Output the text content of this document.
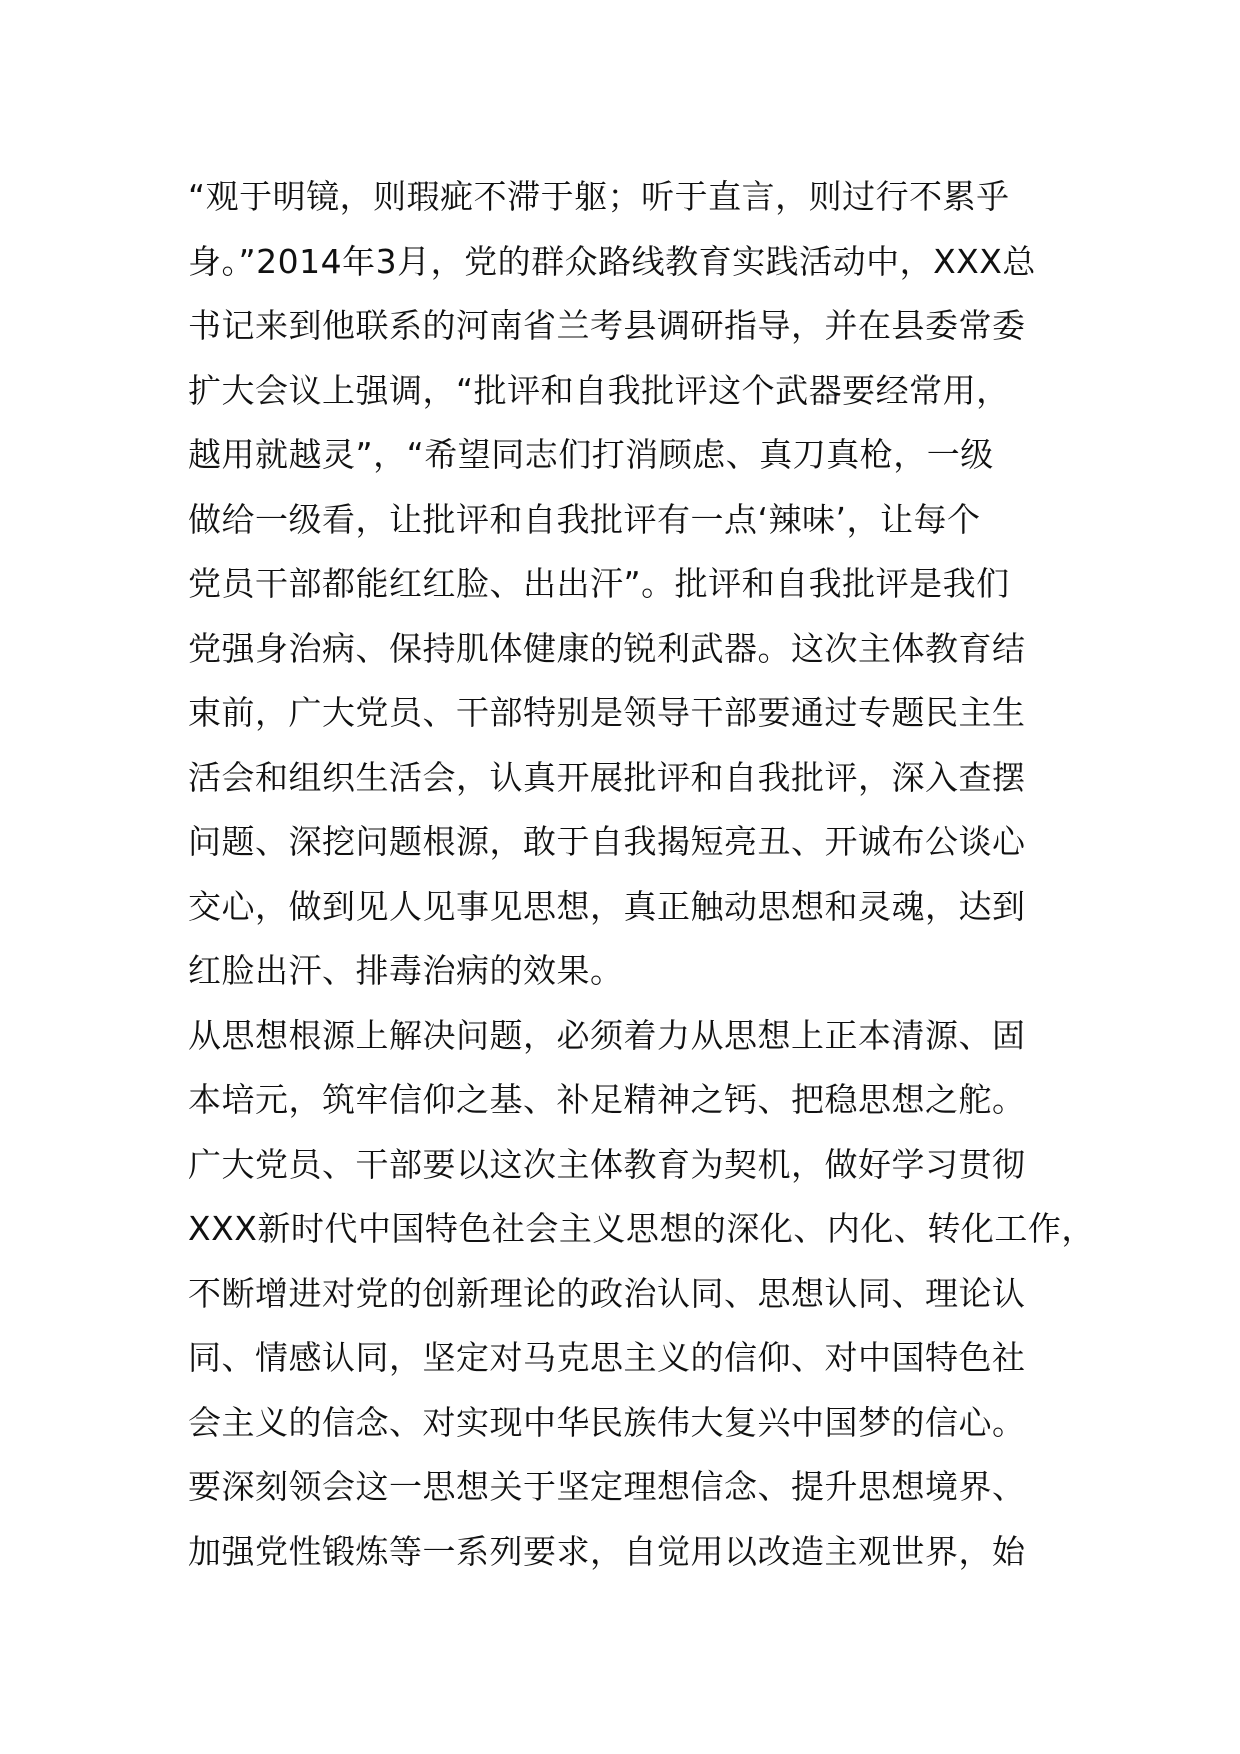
“观于明镜，则瑕疵不滞于躯；听于直言，则过行不累乎
身。”2014年3月，党的群众路线教育实践活动中，XXX总
书记来到他联系的河南省兰考县调研指导，并在县委常委
扩大会议上强调，“批评和自我批评这个武器要经常用，
越用就越灵”，“希望同志们打消顾虑、真刀真枪，一级
做给一级看，让批评和自我批评有一点‘辣味’，让每个
党员干部都能红红脸、出出汗”。批评和自我批评是我们
党强身治病、保持肌体健康的锐利武器。这次主体教育结
束前，广大党员、干部特别是领导干部要通过专题民主生
活会和组织生活会，认真开展批评和自我批评，深入查摆
问题、深挖问题根源，敢于自我揭短亮丑、开诚布公谈心
交心，做到见人见事见思想，真正触动思想和灵魂，达到
红脸出汗、排毒治病的效果。
从思想根源上解决问题，必须着力从思想上正本清源、固
本培元，筑牢信仰之基、补足精神之钙、把稳思想之舵。
广大党员、干部要以这次主体教育为契机，做好学习贯彻
XXX新时代中国特色社会主义思想的深化、内化、转化工作，
不断增进对党的创新理论的政治认同、思想认同、理论认
同、情感认同，坚定对马克思主义的信仰、对中国特色社
会主义的信念、对实现中华民族伟大复兴中国梦的信心。
要深刻领会这一思想关于坚定理想信念、提升思想境界、
加强党性锻炼等一系列要求，自觉用以改造主观世界，始
